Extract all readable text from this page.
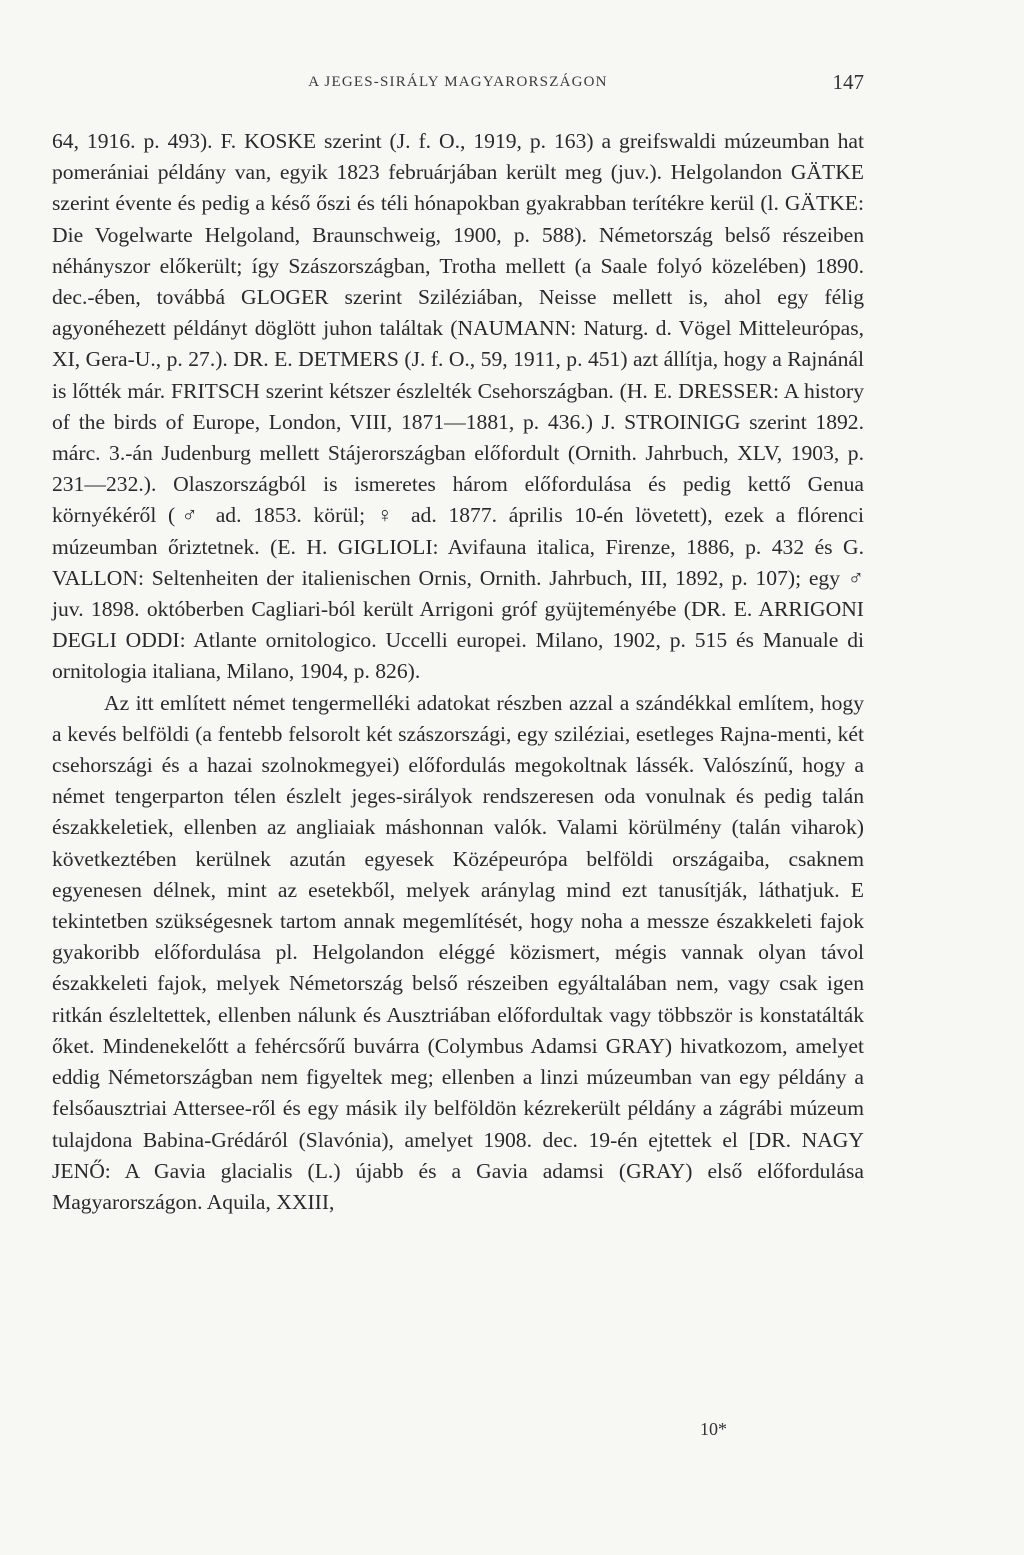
A JEGES-SIRÁLY MAGYARORSZÁGON	147

64, 1916. p. 493). F. KOSKE szerint (J. f. O., 1919, p. 163) a greifswaldi múzeumban hat pomerániai példány van, egyik 1823 februárjában került meg (juv.). Helgolandon GÄTKE szerint évente és pedig a késő őszi és téli hónapokban gyakrabban terítékre kerül (l. GÄTKE: Die Vogelwarte Helgoland, Braunschweig, 1900, p. 588). Németország belső részeiben néhányszor előkerült; így Szászországban, Trotha mellett (a Saale folyó közelében) 1890. dec.-ében, továbbá GLOGER szerint Sziléziában, Neisse mellett is, ahol egy félig agyonéhezett példányt döglött juhon találtak (NAUMANN: Naturg. d. Vögel Mitteleurópas, XI, Gera-U., p. 27.). DR. E. DETMERS (J. f. O., 59, 1911, p. 451) azt állítja, hogy a Rajnánál is lőtték már. FRITSCH szerint kétszer észlelték Csehországban. (H. E. DRESSER: A history of the birds of Europe, London, VIII, 1871—1881, p. 436.) J. STROINIGG szerint 1892. márc. 3.-án Judenburg mellett Stájerországban előfordult (Ornith. Jahrbuch, XLV, 1903, p. 231—232.). Olaszországból is ismeretes három előfordulása és pedig kettő Genua környékéről (♂ ad. 1853. körül; ♀ ad. 1877. április 10-én lövetett), ezek a flórenci múzeumban őriztetnek. (E. H. GIGLIOLI: Avifauna italica, Firenze, 1886, p. 432 és G. VALLON: Seltenheiten der italienischen Ornis, Ornith. Jahrbuch, III, 1892, p. 107); egy ♂ juv. 1898. októberben Cagliari-ból került Arrigoni gróf gyüjteményébe (DR. E. ARRIGONI DEGLI ODDI: Atlante ornitologico. Uccelli europei. Milano, 1902, p. 515 és Manuale di ornitologia italiana, Milano, 1904, p. 826).

Az itt említett német tengermelléki adatokat részben azzal a szándékkal említem, hogy a kevés belföldi (a fentebb felsorolt két szászországi, egy sziléziai, esetleges Rajna-menti, két csehországi és a hazai szolnokmegyei) előfordulás megokoltnak lássék. Valószínű, hogy a német tengerparton télen észlelt jeges-sirályok rendszeresen oda vonulnak és pedig talán északkeletiek, ellenben az angliaiak máshonnan valók. Valami körülmény (talán viharok) következtében kerülnek azután egyesek Középeurópa belföldi országaiba, csaknem egyenesen délnek, mint az esetekből, melyek aránylag mind ezt tanusítják, láthatjuk. E tekintetben szükségesnek tartom annak megemlítését, hogy noha a messze északkeleti fajok gyakoribb előfordulása pl. Helgolandon eléggé közismert, mégis vannak olyan távol északkeleti fajok, melyek Németország belső részeiben egyáltalában nem, vagy csak igen ritkán észleltettek, ellenben nálunk és Ausztriában előfordultak vagy többször is konstatálták őket. Mindenekelőtt a fehércsőrű buvárra (Colymbus Adamsi GRAY) hivatkozom, amelyet eddig Németországban nem figyeltek meg; ellenben a linzi múzeumban van egy példány a felsőausztriai Attersee-ről és egy másik ily belföldön kézrekerült példány a zágrábi múzeum tulajdona Babina-Grédáról (Slavónia), amelyet 1908. dec. 19-én ejtettek el [DR. NAGY JENŐ: A Gavia glacialis (L.) újabb és a Gavia adamsi (GRAY) első előfordulása Magyarországon. Aquila, XXIII,

10*
